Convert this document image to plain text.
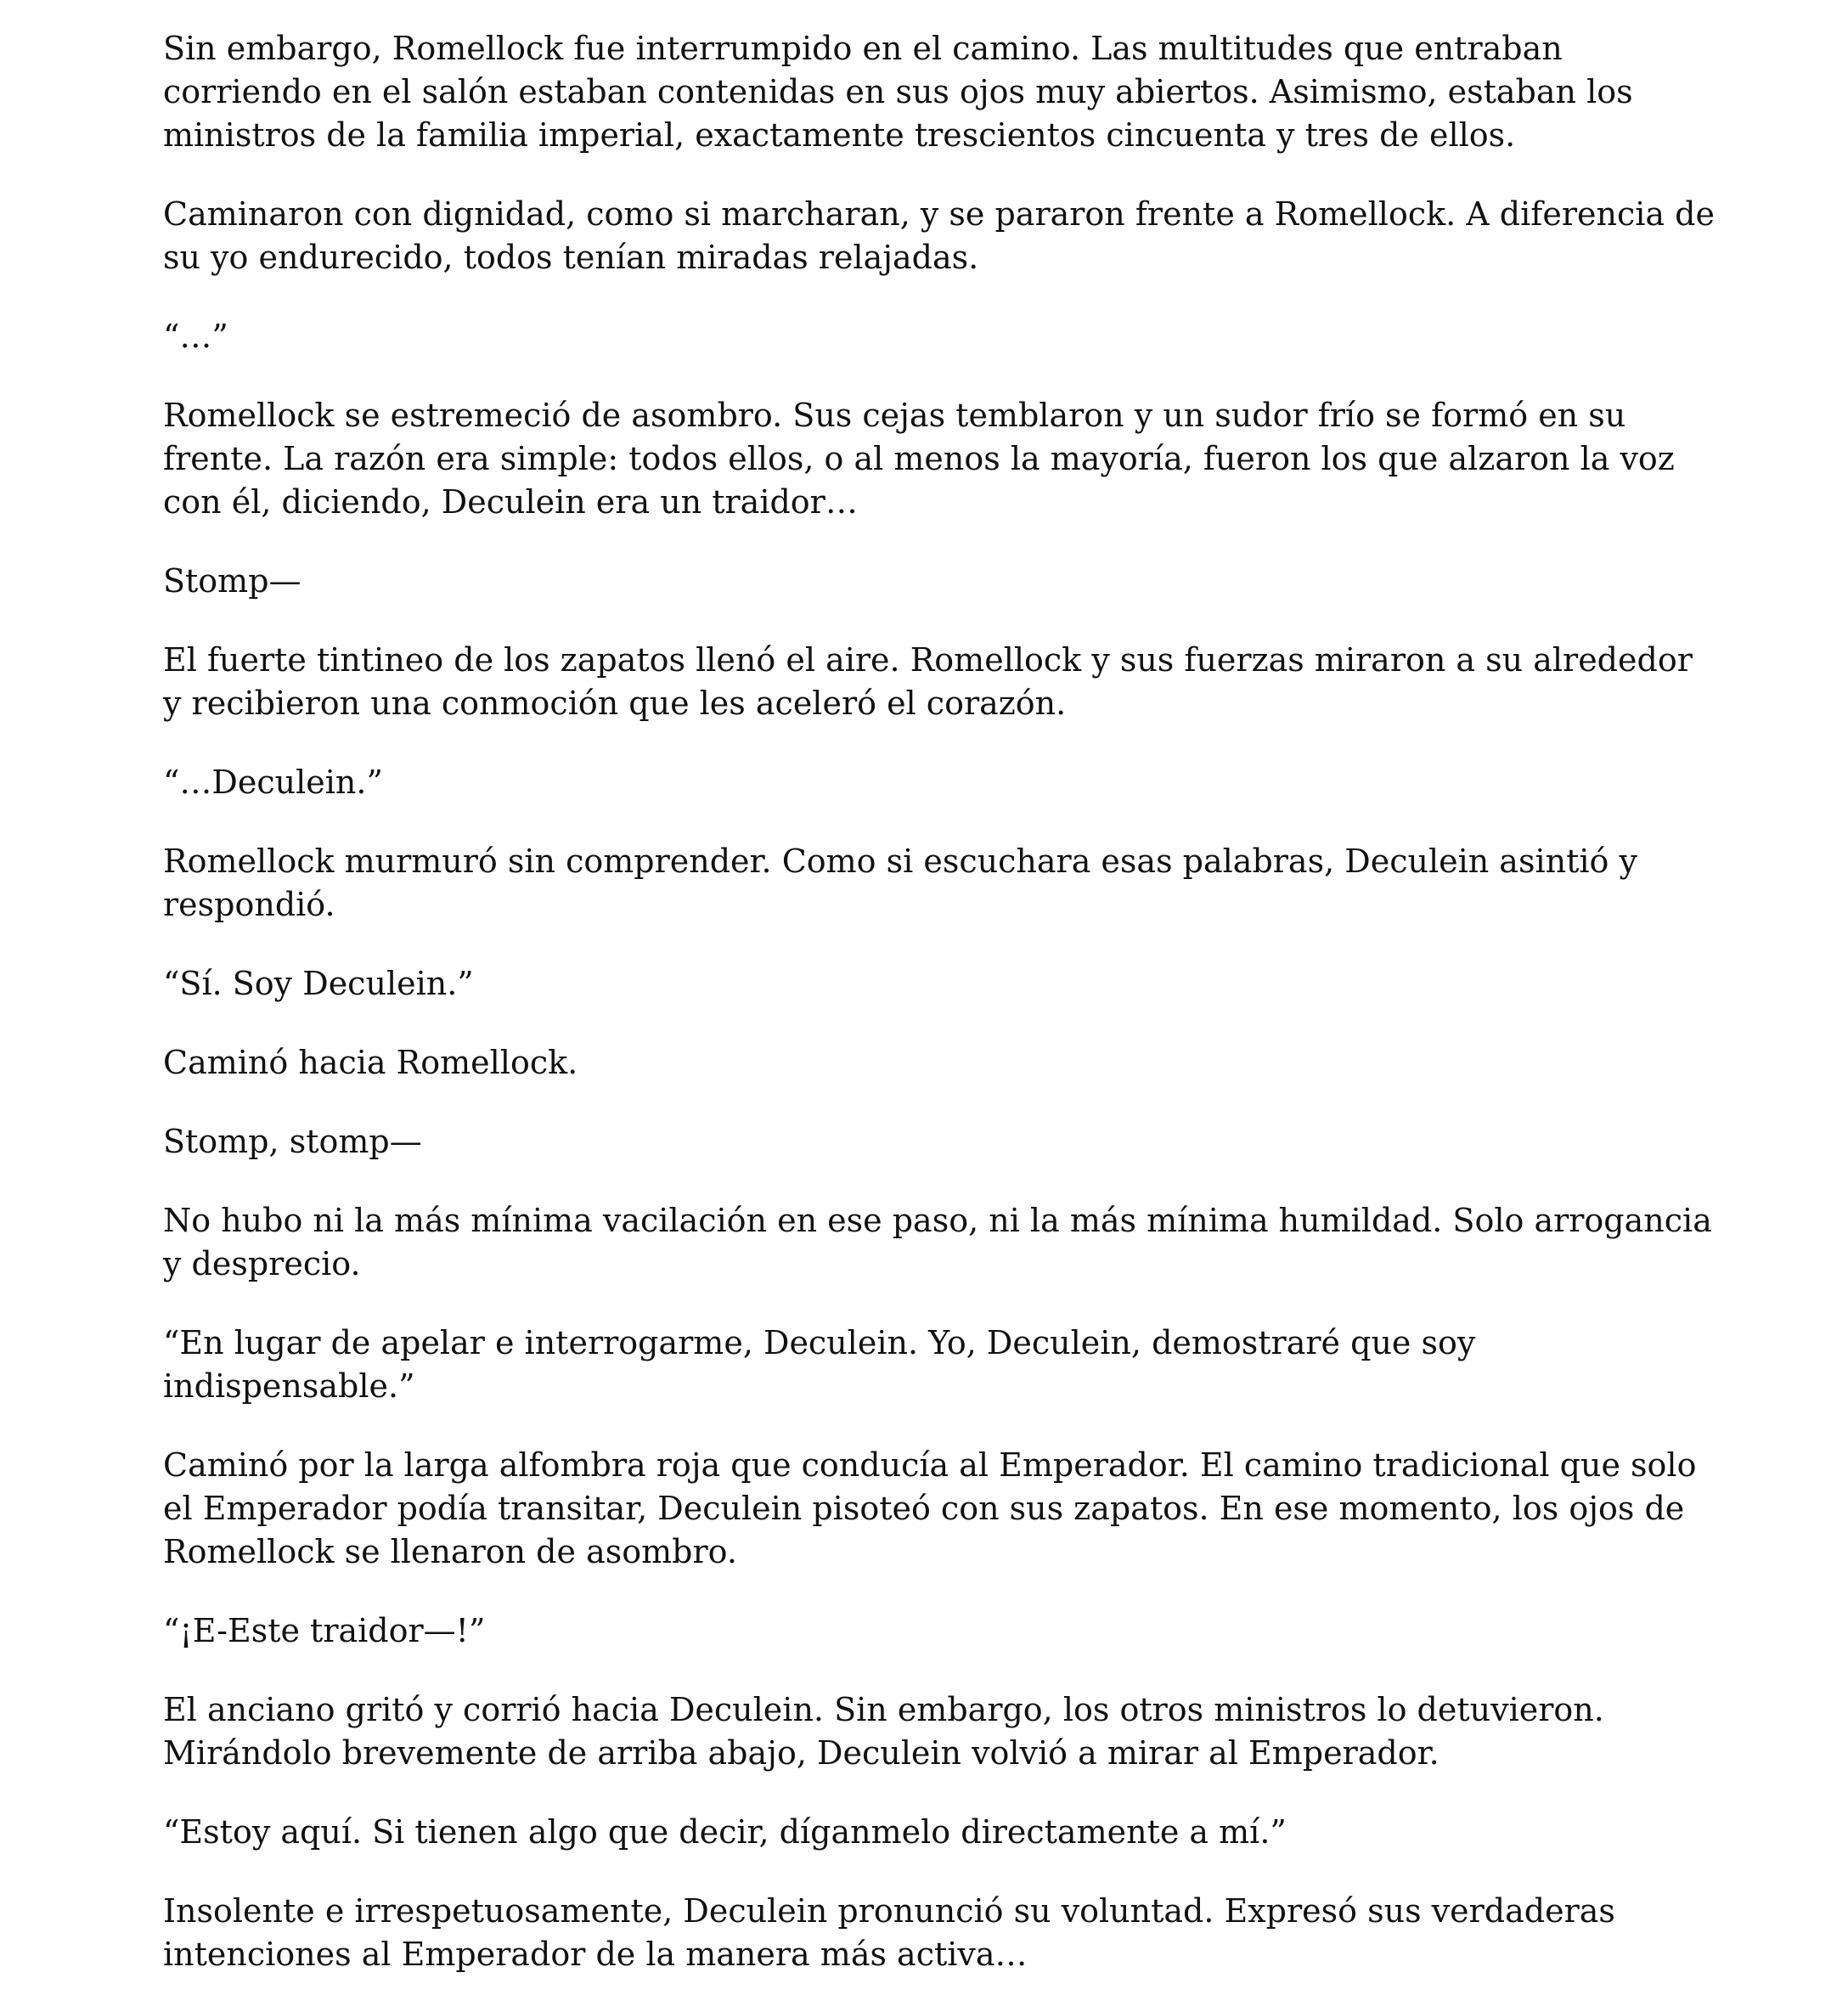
Sin embargo, Romellock fue interrumpido en el camino. Las multitudes que entraban corriendo en el salón estaban contenidas en sus ojos muy abiertos. Asimismo, estaban los ministros de la familia imperial, exactamente trescientos cincuenta y tres de ellos.

Caminaron con dignidad, como si marcharan, y se pararon frente a Romellock. A diferencia de su yo endurecido, todos tenían miradas relajadas.

“…”

Romellock se estremeció de asombro. Sus cejas temblaron y un sudor frío se formó en su frente. La razón era simple: todos ellos, o al menos la mayoría, fueron los que alzaron la voz con él, diciendo, Deculein era un traidor…

Stomp—

El fuerte tintineo de los zapatos llenó el aire. Romellock y sus fuerzas miraron a su alrededor y recibieron una conmoción que les aceleró el corazón.

“…Deculein.”

Romellock murmuró sin comprender. Como si escuchara esas palabras, Deculein asintió y respondió.

“Sí. Soy Deculein.”

Caminó hacia Romellock.

Stomp, stomp—

No hubo ni la más mínima vacilación en ese paso, ni la más mínima humildad. Solo arrogancia y desprecio.

“En lugar de apelar e interrogarme, Deculein. Yo, Deculein, demostraré que soy indispensable.”

Caminó por la larga alfombra roja que conducía al Emperador. El camino tradicional que solo el Emperador podía transitar, Deculein pisoteó con sus zapatos. En ese momento, los ojos de Romellock se llenaron de asombro.

“¡E-Este traidor—!”

El anciano gritó y corrió hacia Deculein. Sin embargo, los otros ministros lo detuvieron. Mirándolo brevemente de arriba abajo, Deculein volvió a mirar al Emperador.

“Estoy aquí. Si tienen algo que decir, díganmelo directamente a mí.”

Insolente e irrespetuosamente, Deculein pronunció su voluntad. Expresó sus verdaderas intenciones al Emperador de la manera más activa…
